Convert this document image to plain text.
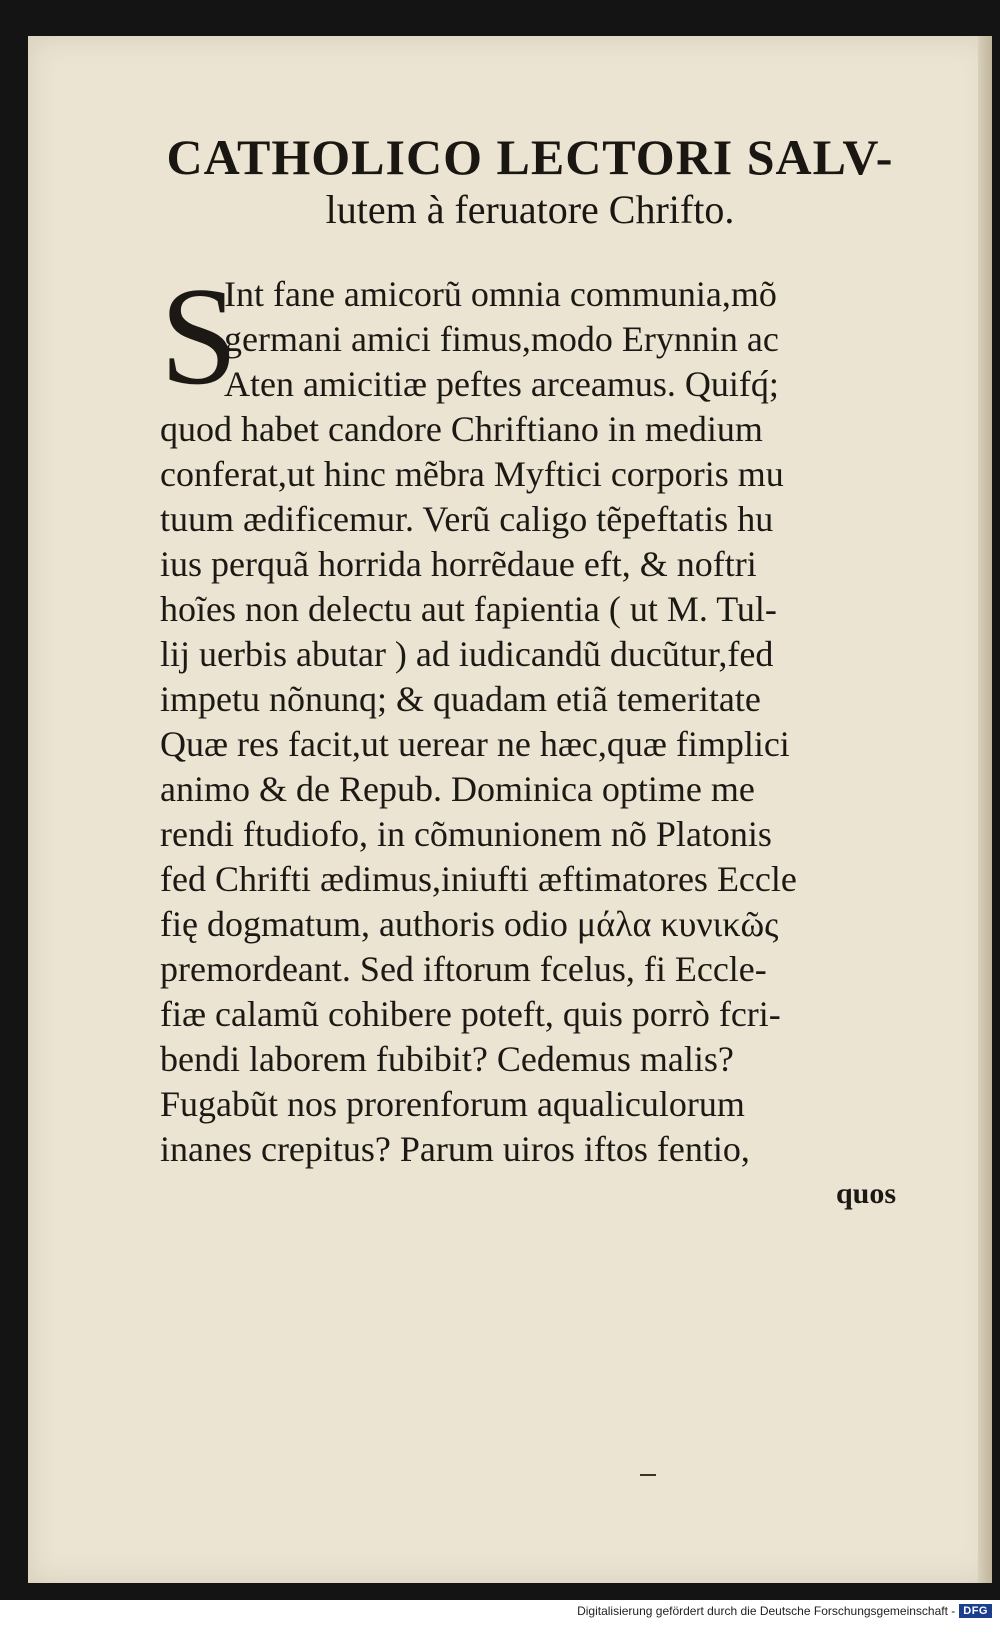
CATHOLICO LECTORI SALV-
lutem à feruatore Chrifto.
S
Int fane amicorũ omnia communia,mõ
germani amici fimus,modo Erynnin ac
Aten amicitiæ peftes arceamus. Quifq́;
quod habet candore Chriftiano in medium
conferat,ut hinc mẽbra Myftici corporis mu
tuum ædificemur. Verũ caligo tẽpeftatis hu
ius perquã horrida horrẽdaue eft, & noftri
hoĩes non delectu aut fapientia ( ut M. Tul-
lij uerbis abutar ) ad iudicandũ ducũtur,fed
impetu nõnunq; & quadam etiã temeritate
Quæ res facit,ut uerear ne hæc,quæ fimplici
animo & de Repub. Dominica optime me
rendi ftudiofo, in cõmunionem nõ Platonis
fed Chrifti ædimus,iniufti æftimatores Eccle
fię dogmatum, authoris odio μάλα κυνικῶς
premordeant. Sed iftorum fcelus, fi Eccle-
fiæ calamũ cohibere poteft, quis porrò fcri-
bendi laborem fubibit? Cedemus malis?
Fugabũt nos prorenforum aqualiculorum
inanes crepitus? Parum uiros iftos fentio,
quos
Digitalisierung gefördert durch die Deutsche Forschungsgemeinschaft - DFG
